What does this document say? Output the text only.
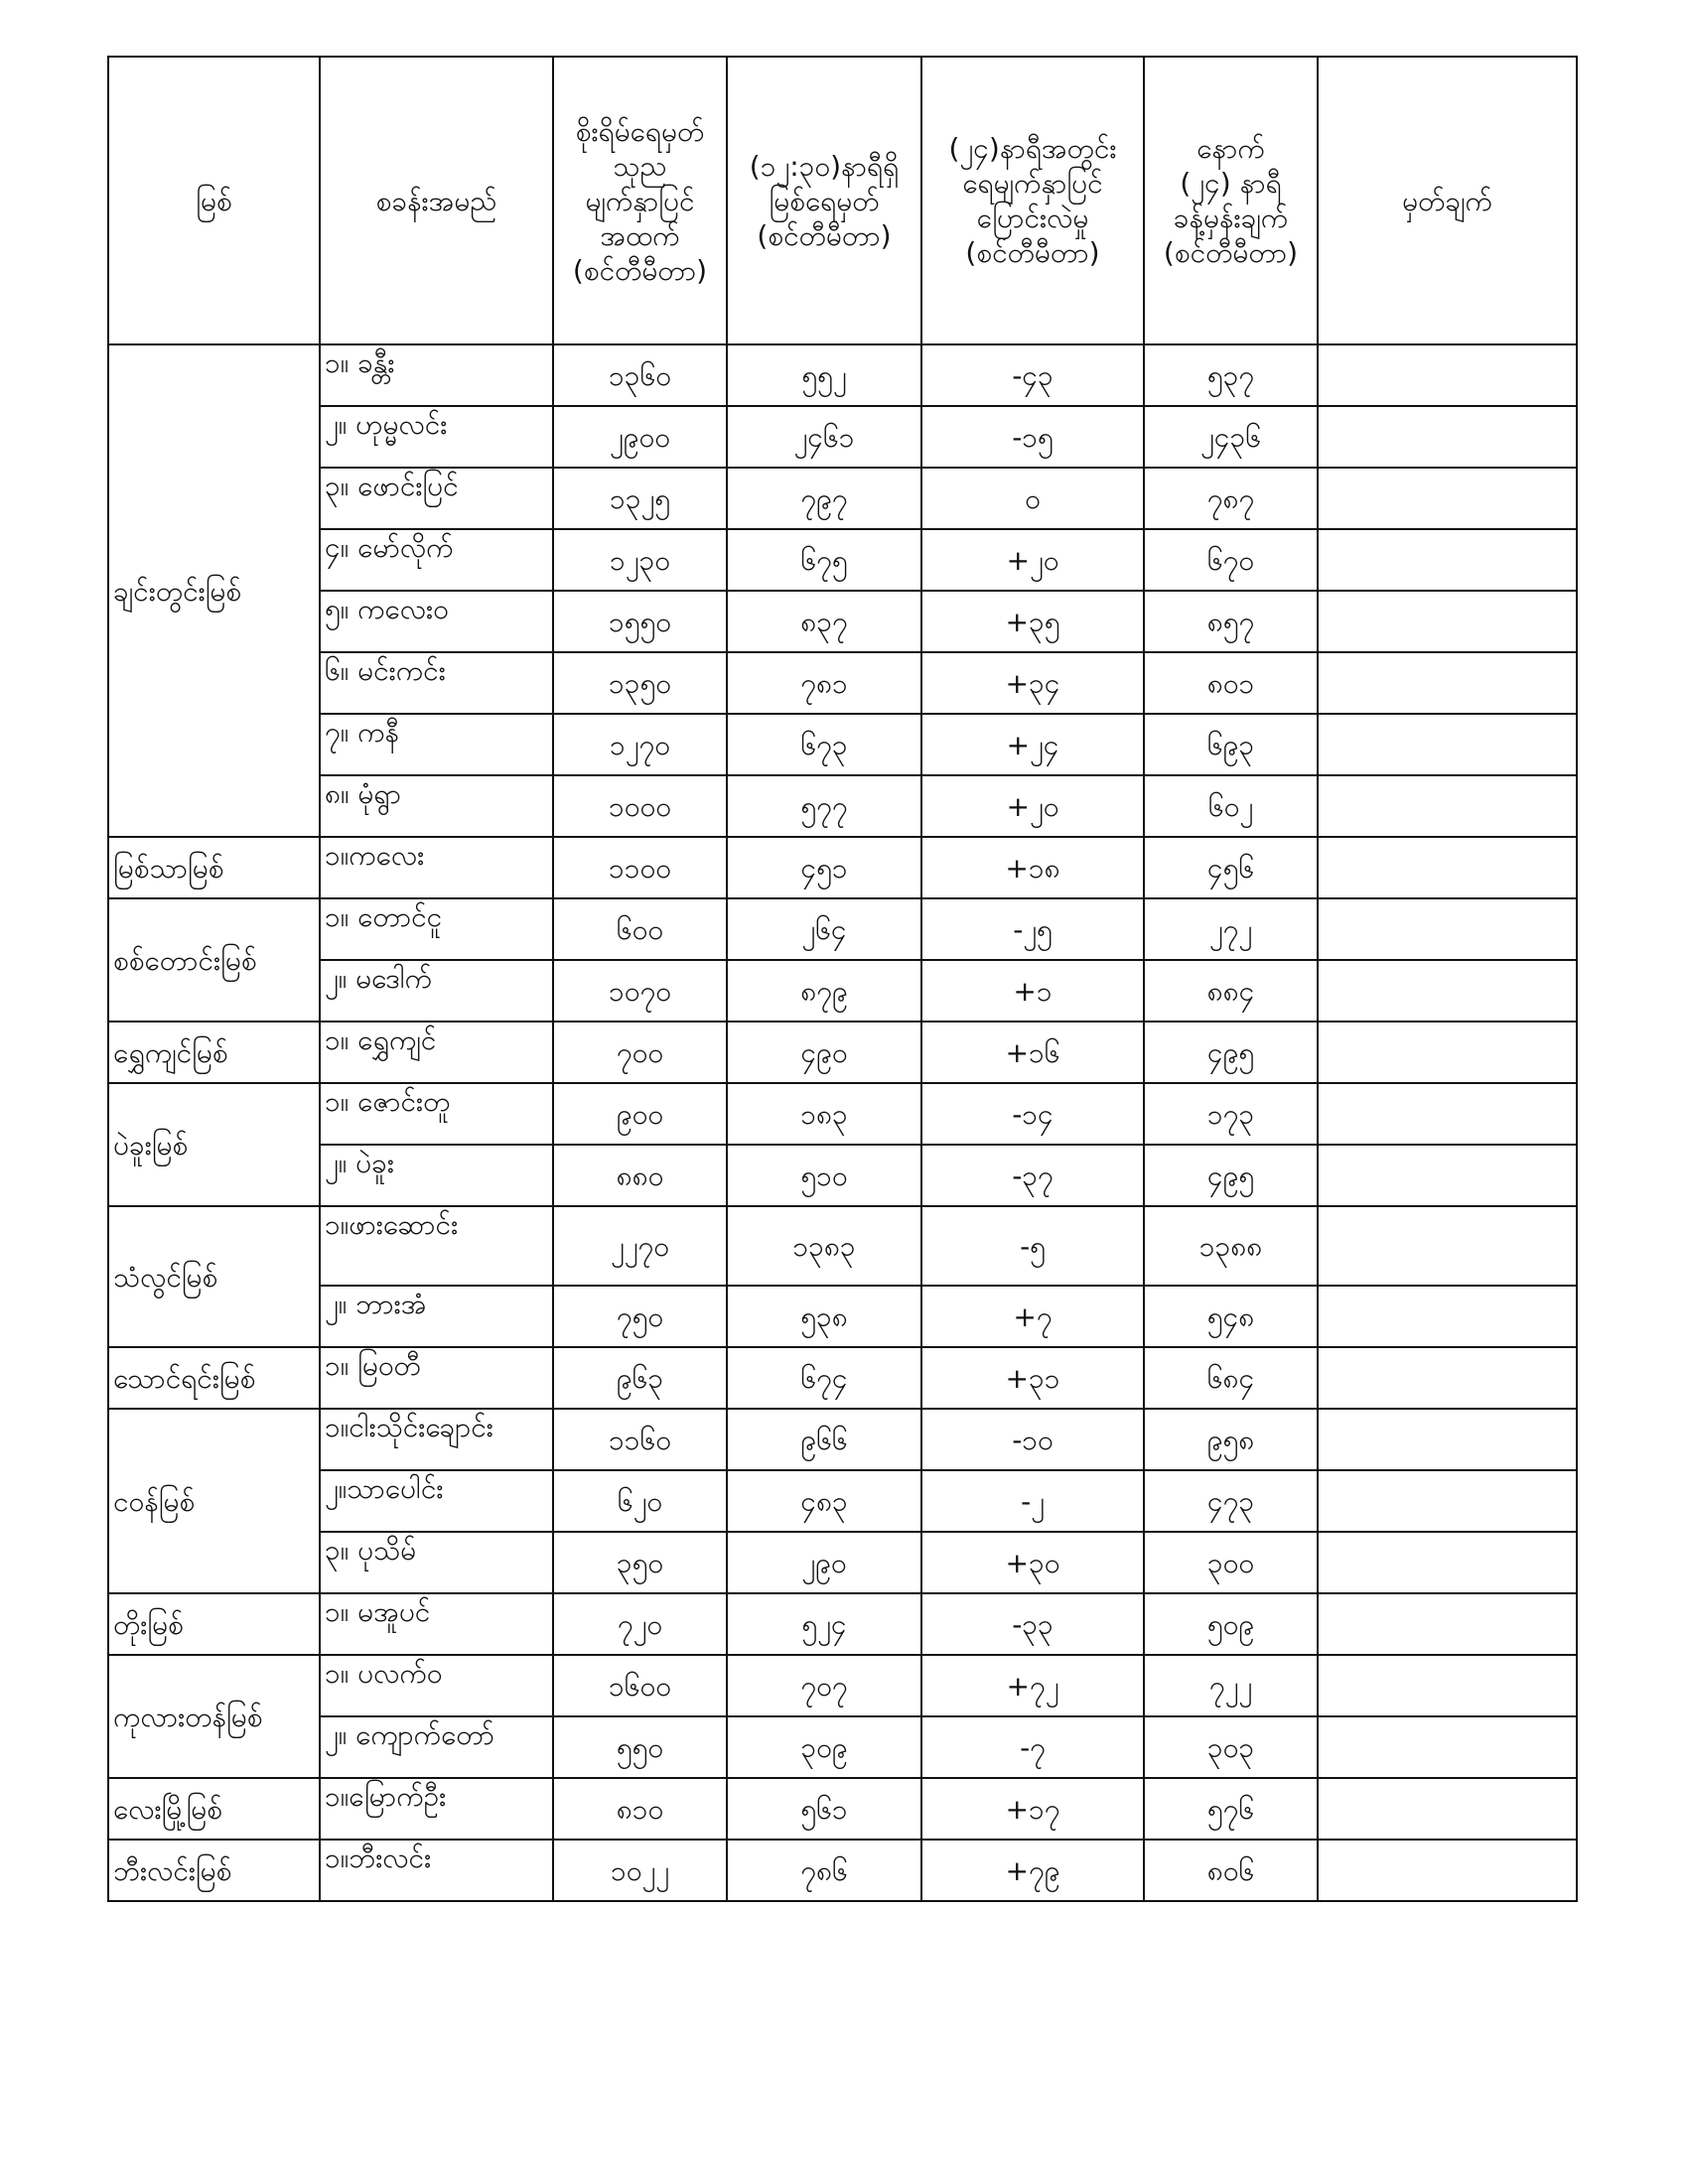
မြစ်	စခန်းအမည်	စိုးရိမ်ရေမှတ်
သုည
မျက်နှာပြင်
အထက်
(စင်တီမီတာ)	(၁၂:၃၀)နာရီရှိ
မြစ်ရေမှတ်
(စင်တီမီတာ)	(၂၄)နာရီအတွင်း
ရေမျက်နှာပြင်
ပြောင်းလဲမှု
(စင်တီမီတာ)	နောက်
(၂၄) နာရီ
ခန့်မှန်းချက်
(စင်တီမီတာ)	မှတ်ချက်
ချင်းတွင်းမြစ်	၁။ ခန္တီး	၁၃၆၀	၅၅၂	-၄၃	၅၃၇	
	၂။ ဟုမ္မလင်း	၂၉၀၀	၂၄၆၁	-၁၅	၂၄၃၆	
	၃။ ဖောင်းပြင်	၁၃၂၅	၇၉၇	၀	၇၈၇	
	၄။ မော်လိုက်	၁၂၃၀	၆၇၅	+၂၀	၆၇၀	
	၅။ ကလေးဝ	၁၅၅၀	၈၃၇	+၃၅	၈၅၇	
	၆။ မင်းကင်း	၁၃၅၀	၇၈၁	+၃၄	၈၀၁	
	၇။ ကနီ	၁၂၇၀	၆၇၃	+၂၄	၆၉၃	
	၈။ မုံရွာ	၁၀၀၀	၅၇၇	+၂၀	၆၀၂	
မြစ်သာမြစ်	၁။ကလေး	၁၁၀၀	၄၅၁	+၁၈	၄၅၆	
စစ်တောင်းမြစ်	၁။ တောင်ငူ	၆၀၀	၂၆၄	-၂၅	၂၇၂	
	၂။ မဒေါက်	၁၀၇၀	၈၇၉	+၁	၈၈၄	
ရွှေကျင်မြစ်	၁။ ရွှေကျင်	၇၀၀	၄၉၀	+၁၆	၄၉၅	
ပဲခူးမြစ်	၁။ ဇောင်းတူ	၉၀၀	၁၈၃	-၁၄	၁၇၃	
	၂။ ပဲခူး	၈၈၀	၅၁၀	-၃၇	၄၉၅	
သံလွင်မြစ်	၁။ဖားဆောင်း	၂၂၇၀	၁၃၈၃	-၅	၁၃၈၈	
	၂။ ဘားအံ	၇၅၀	၅၃၈	+၇	၅၄၈	
သောင်ရင်းမြစ်	၁။ မြဝတီ	၉၆၃	၆၇၄	+၃၁	၆၈၄	
ငဝန်မြစ်	၁။ငါးသိုင်းချောင်း	၁၁၆၀	၉၆၆	-၁၀	၉၅၈	
	၂။သာပေါင်း	၆၂၀	၄၈၃	-၂	၄၇၃	
	၃။ ပုသိမ်	၃၅၀	၂၉၀	+၃၀	၃၀၀	
တိုးမြစ်	၁။ မအူပင်	၇၂၀	၅၂၄	-၃၃	၅၀၉	
ကုလားတန်မြစ်	၁။ ပလက်ဝ	၁၆၀၀	၇၀၇	+၇၂	၇၂၂	
	၂။ ကျောက်တော်	၅၅၀	၃၀၉	-၇	၃၀၃	
လေးမြို့မြစ်	၁။မြောက်ဦး	၈၁၀	၅၆၁	+၁၇	၅၇၆	
ဘီးလင်းမြစ်	၁။ဘီးလင်း	၁၀၂၂	၇၈၆	+၇၉	၈၀၆	
